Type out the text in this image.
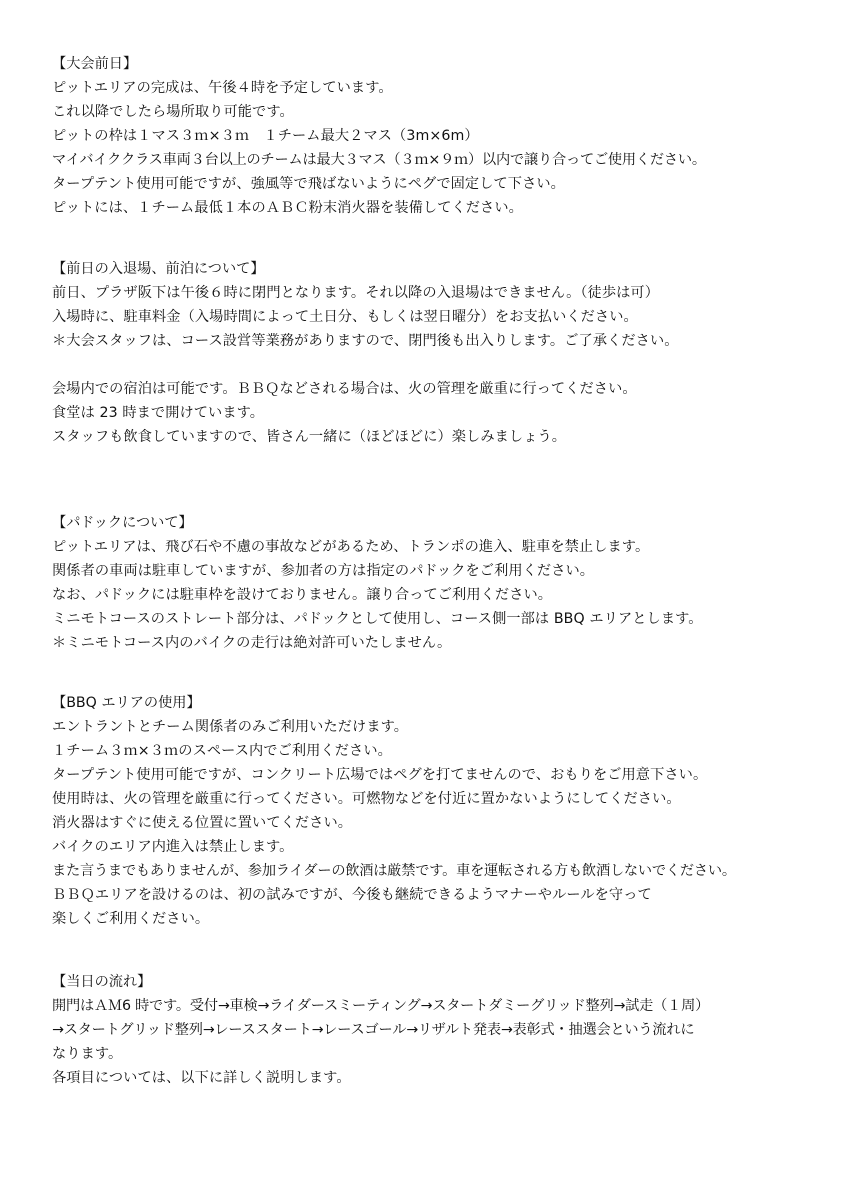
【大会前日】
ピットエリアの完成は、午後４時を予定しています。
これ以降でしたら場所取り可能です。
ピットの枠は１マス３ｍ×３ｍ　１チーム最大２マス（3m×6m）
マイバイククラス車両３台以上のチームは最大３マス（３ｍ×９ｍ）以内で譲り合ってご使用ください。
タープテント使用可能ですが、強風等で飛ばないようにペグで固定して下さい。
ピットには、１チーム最低１本のＡＢＣ粉末消火器を装備してください。
【前日の入退場、前泊について】
前日、プラザ阪下は午後６時に閉門となります。それ以降の入退場はできません。（徒歩は可）
入場時に、駐車料金（入場時間によって土日分、もしくは翌日曜分）をお支払いください。
＊大会スタッフは、コース設営等業務がありますので、閉門後も出入りします。ご了承ください。
会場内での宿泊は可能です。ＢＢＱなどされる場合は、火の管理を厳重に行ってください。
食堂は 23 時まで開けています。
スタッフも飲食していますので、皆さん一緒に（ほどほどに）楽しみましょう。
【パドックについて】
ピットエリアは、飛び石や不慮の事故などがあるため、トランポの進入、駐車を禁止します。
関係者の車両は駐車していますが、参加者の方は指定のパドックをご利用ください。
なお、パドックには駐車枠を設けておりません。譲り合ってご利用ください。
ミニモトコースのストレート部分は、パドックとして使用し、コース側一部は BBQ エリアとします。
＊ミニモトコース内のバイクの走行は絶対許可いたしません。
【BBQ エリアの使用】
エントラントとチーム関係者のみご利用いただけます。
１チーム３ｍ×３ｍのスペース内でご利用ください。
タープテント使用可能ですが、コンクリート広場ではペグを打てませんので、おもりをご用意下さい。
使用時は、火の管理を厳重に行ってください。可燃物などを付近に置かないようにしてください。
消火器はすぐに使える位置に置いてください。
バイクのエリア内進入は禁止します。
また言うまでもありませんが、参加ライダーの飲酒は厳禁です。車を運転される方も飲酒しないでください。
ＢＢＱエリアを設けるのは、初の試みですが、今後も継続できるようマナーやルールを守って
楽しくご利用ください。
【当日の流れ】
開門はＡＭ6 時です。受付→車検→ライダースミーティング→スタートダミーグリッド整列→試走（１周）
→スタートグリッド整列→レーススタート→レースゴール→リザルト発表→表彰式・抽選会という流れに
なります。
各項目については、以下に詳しく説明します。
